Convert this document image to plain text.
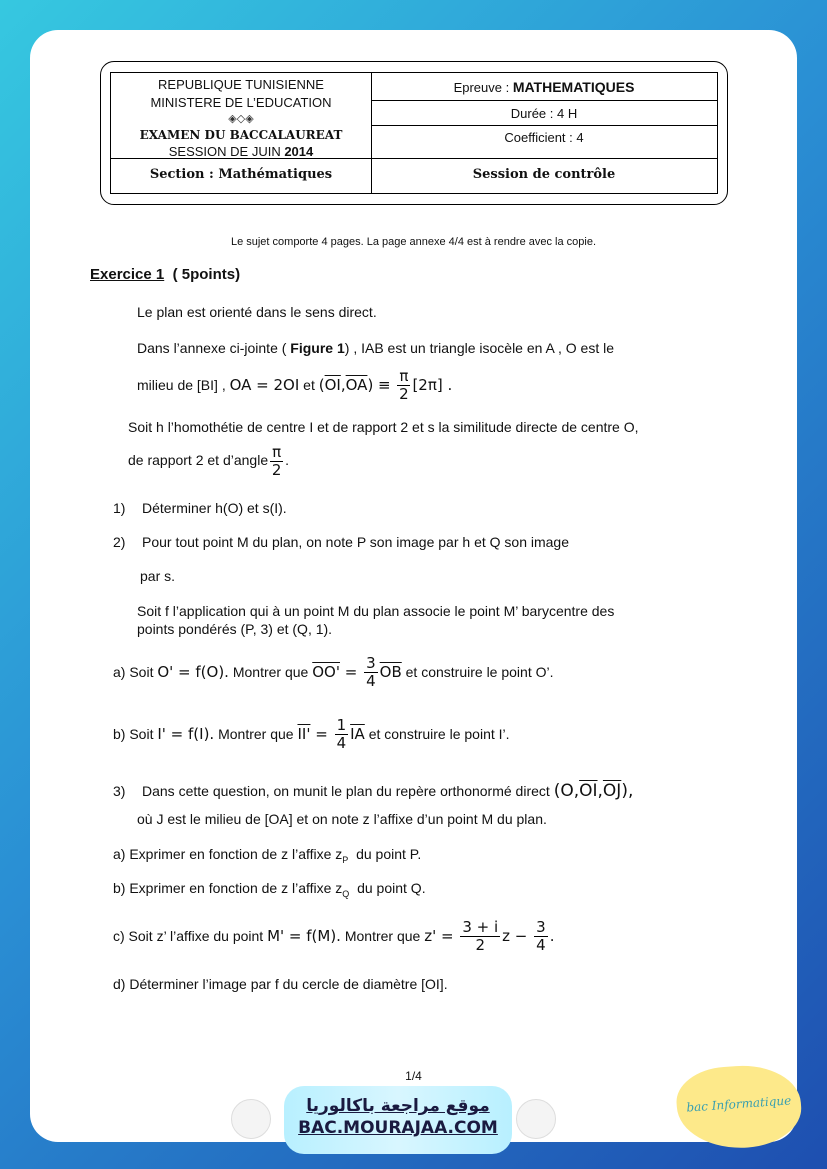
REPUBLIQUE TUNISIENNE
MINISTERE DE L’EDUCATION
◈◇◈
EXAMEN DU BACCALAUREAT
SESSION DE JUIN 2014
Epreuve : MATHEMATIQUES
Durée : 4 H
Coefficient : 4
Section : Mathématiques	Session de contrôle
Le sujet comporte 4 pages. La page annexe 4/4 est à rendre avec la copie.
Exercice 1 ( 5points)
Le plan est orienté dans le sens direct.
Dans l’annexe ci-jointe ( Figure 1) , IAB est un triangle isocèle en A , O est le
milieu de [BI] , OA = 2OI et $(\overline{OI},\overline{OA}) \equiv \frac{\pi}{2} [2\pi]$ .
Soit h l’homothétie de centre I et de rapport 2 et s la similitude directe de centre O,
de rapport 2 et d’angle $\frac{\pi}{2}$ .
1) Déterminer h(O) et s(I).
2) Pour tout point M du plan, on note P son image par h et Q son image
par s.
Soit f l’application qui à un point M du plan associe le point M’ barycentre des
points pondérés (P, 3) et (Q, 1).
a) Soit O' = f(O). Montrer que $OO' = \frac{3}{4} \overline{OB}$ et construire le point O’.
b) Soit I' = f(I). Montrer que $II' = \frac{1}{4} \overline{IA}$ et construire le point I’.
3) Dans cette question, on munit le plan du repère orthonormé direct $(O,\overline{OI},\overline{OJ})$,
où J est le milieu de [OA] et on note z l’affixe d’un point M du plan.
a) Exprimer en fonction de z l’affixe $z_P$ du point P.
b) Exprimer en fonction de z l’affixe $z_Q$ du point Q.
c) Soit z’ l’affixe du point M' = f(M). Montrer que $z' = \frac{3 + i}{2}$ $z - \frac{3}{4}$ .
d) Déterminer l’image par f du cercle de diamètre [OI].
1/4
موقع مراجعة باكالوريا
BAC.MOURAJAA.COM
bac Informatique
